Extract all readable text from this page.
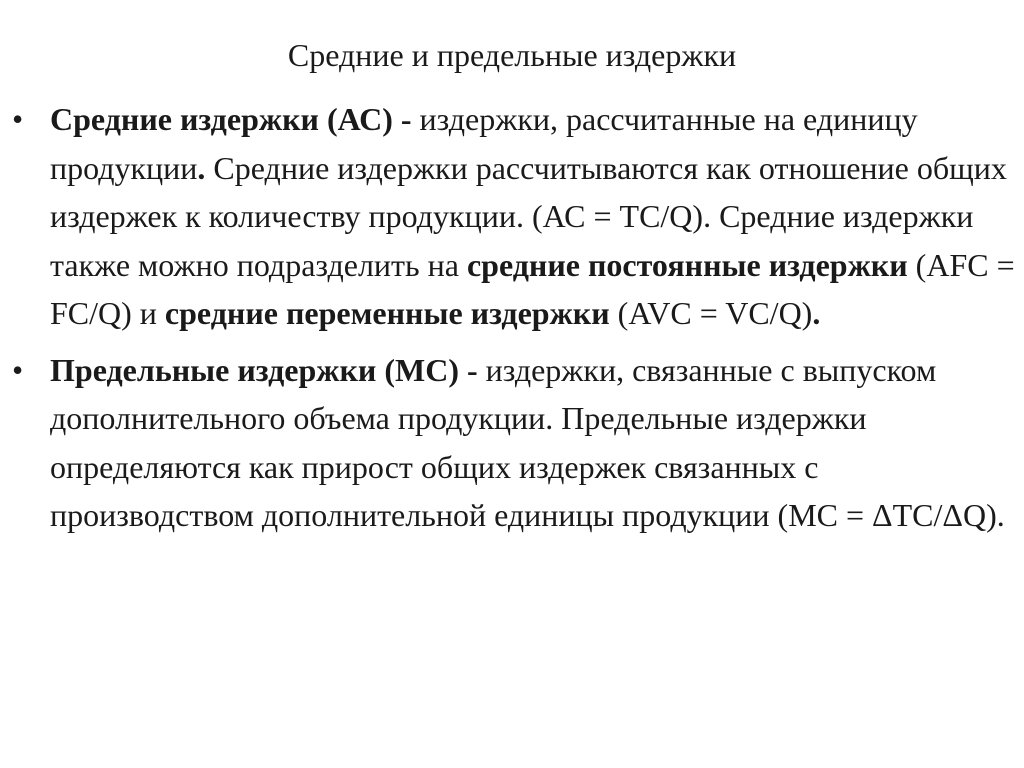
Средние и предельные издержки
• Средние издержки (АС) - издержки, рассчитанные на единицу продукции. Средние издержки рассчитываются как отношение общих издержек к количеству продукции. (АС = ТС/Q). Средние издержки также можно подразделить на средние постоянные издержки (AFC = FC/Q) и средние переменные издержки (AVC = VC/Q).
• Предельные издержки (МС) - издержки, связанные с выпуском дополнительного объема продукции. Предельные издержки определяются как прирост общих издержек связанных с производством дополнительной единицы продукции (МС = ΔТС/ΔQ).
